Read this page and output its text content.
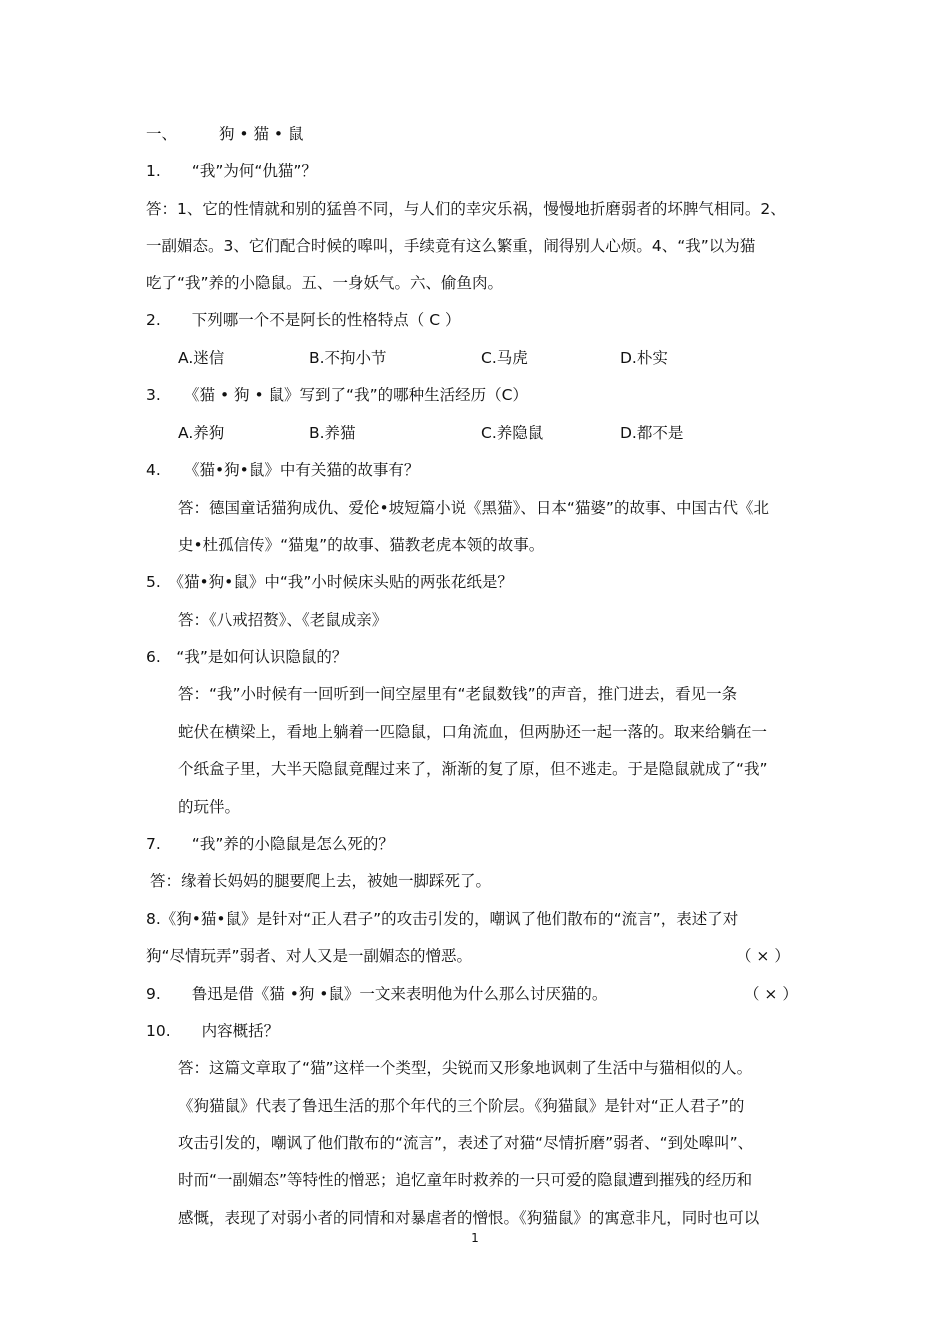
一、	狗 • 猫 • 鼠
1.　　“我”为何“仇猫”？
答：1、它的性情就和别的猛兽不同，与人们的幸灾乐祸，慢慢地折磨弱者的坏脾气相同。2、
一副媚态。3、它们配合时候的嗥叫，手续竟有这么繁重，闹得别人心烦。4、“我”以为猫
吃了“我”养的小隐鼠。五、一身妖气。六、偷鱼肉。
2.　　下列哪一个不是阿长的性格特点（ C ）
A.迷信	B.不拘小节	C.马虎	D.朴实
3.　　《猫 • 狗 • 鼠》写到了“我”的哪种生活经历（C）
A.养狗	B.养猫	C.养隐鼠	D.都不是
4.　　《猫•狗•鼠》中有关猫的故事有？
答：德国童话猫狗成仇、爱伦•坡短篇小说《黑猫》、日本“猫婆”的故事、中国古代《北
史•杜孤信传》“猫鬼”的故事、猫教老虎本领的故事。
5.　《猫•狗•鼠》中“我”小时候床头贴的两张花纸是？
答：《八戒招赘》、《老鼠成亲》
6.　“我”是如何认识隐鼠的？
答：“我”小时候有一回听到一间空屋里有“老鼠数钱”的声音，推门进去，看见一条
蛇伏在横梁上，看地上躺着一匹隐鼠，口角流血，但两胁还一起一落的。取来给躺在一
个纸盒子里，大半天隐鼠竟醒过来了，渐渐的复了原，但不逃走。于是隐鼠就成了“我”
的玩伴。
7.　　“我”养的小隐鼠是怎么死的？
答：缘着长妈妈的腿要爬上去，被她一脚踩死了。
8.《狗•猫•鼠》是针对“正人君子”的攻击引发的，嘲讽了他们散布的“流言”，表述了对
狗“尽情玩弄”弱者、对人又是一副媚态的憎恶。	（ × ）
9.　　鲁迅是借《猫 •狗 •鼠》一文来表明他为什么那么讨厌猫的。	（ × ）
10.　　内容概括？
答：这篇文章取了“猫”这样一个类型，尖锐而又形象地讽刺了生活中与猫相似的人。
《狗猫鼠》代表了鲁迅生活的那个年代的三个阶层。《狗猫鼠》是针对“正人君子”的
攻击引发的，嘲讽了他们散布的“流言”，表述了对猫“尽情折磨”弱者、“到处嗥叫”、
时而“一副媚态”等特性的憎恶；追忆童年时救养的一只可爱的隐鼠遭到摧残的经历和
感慨，表现了对弱小者的同情和对暴虐者的憎恨。《狗猫鼠》的寓意非凡，同时也可以
1
